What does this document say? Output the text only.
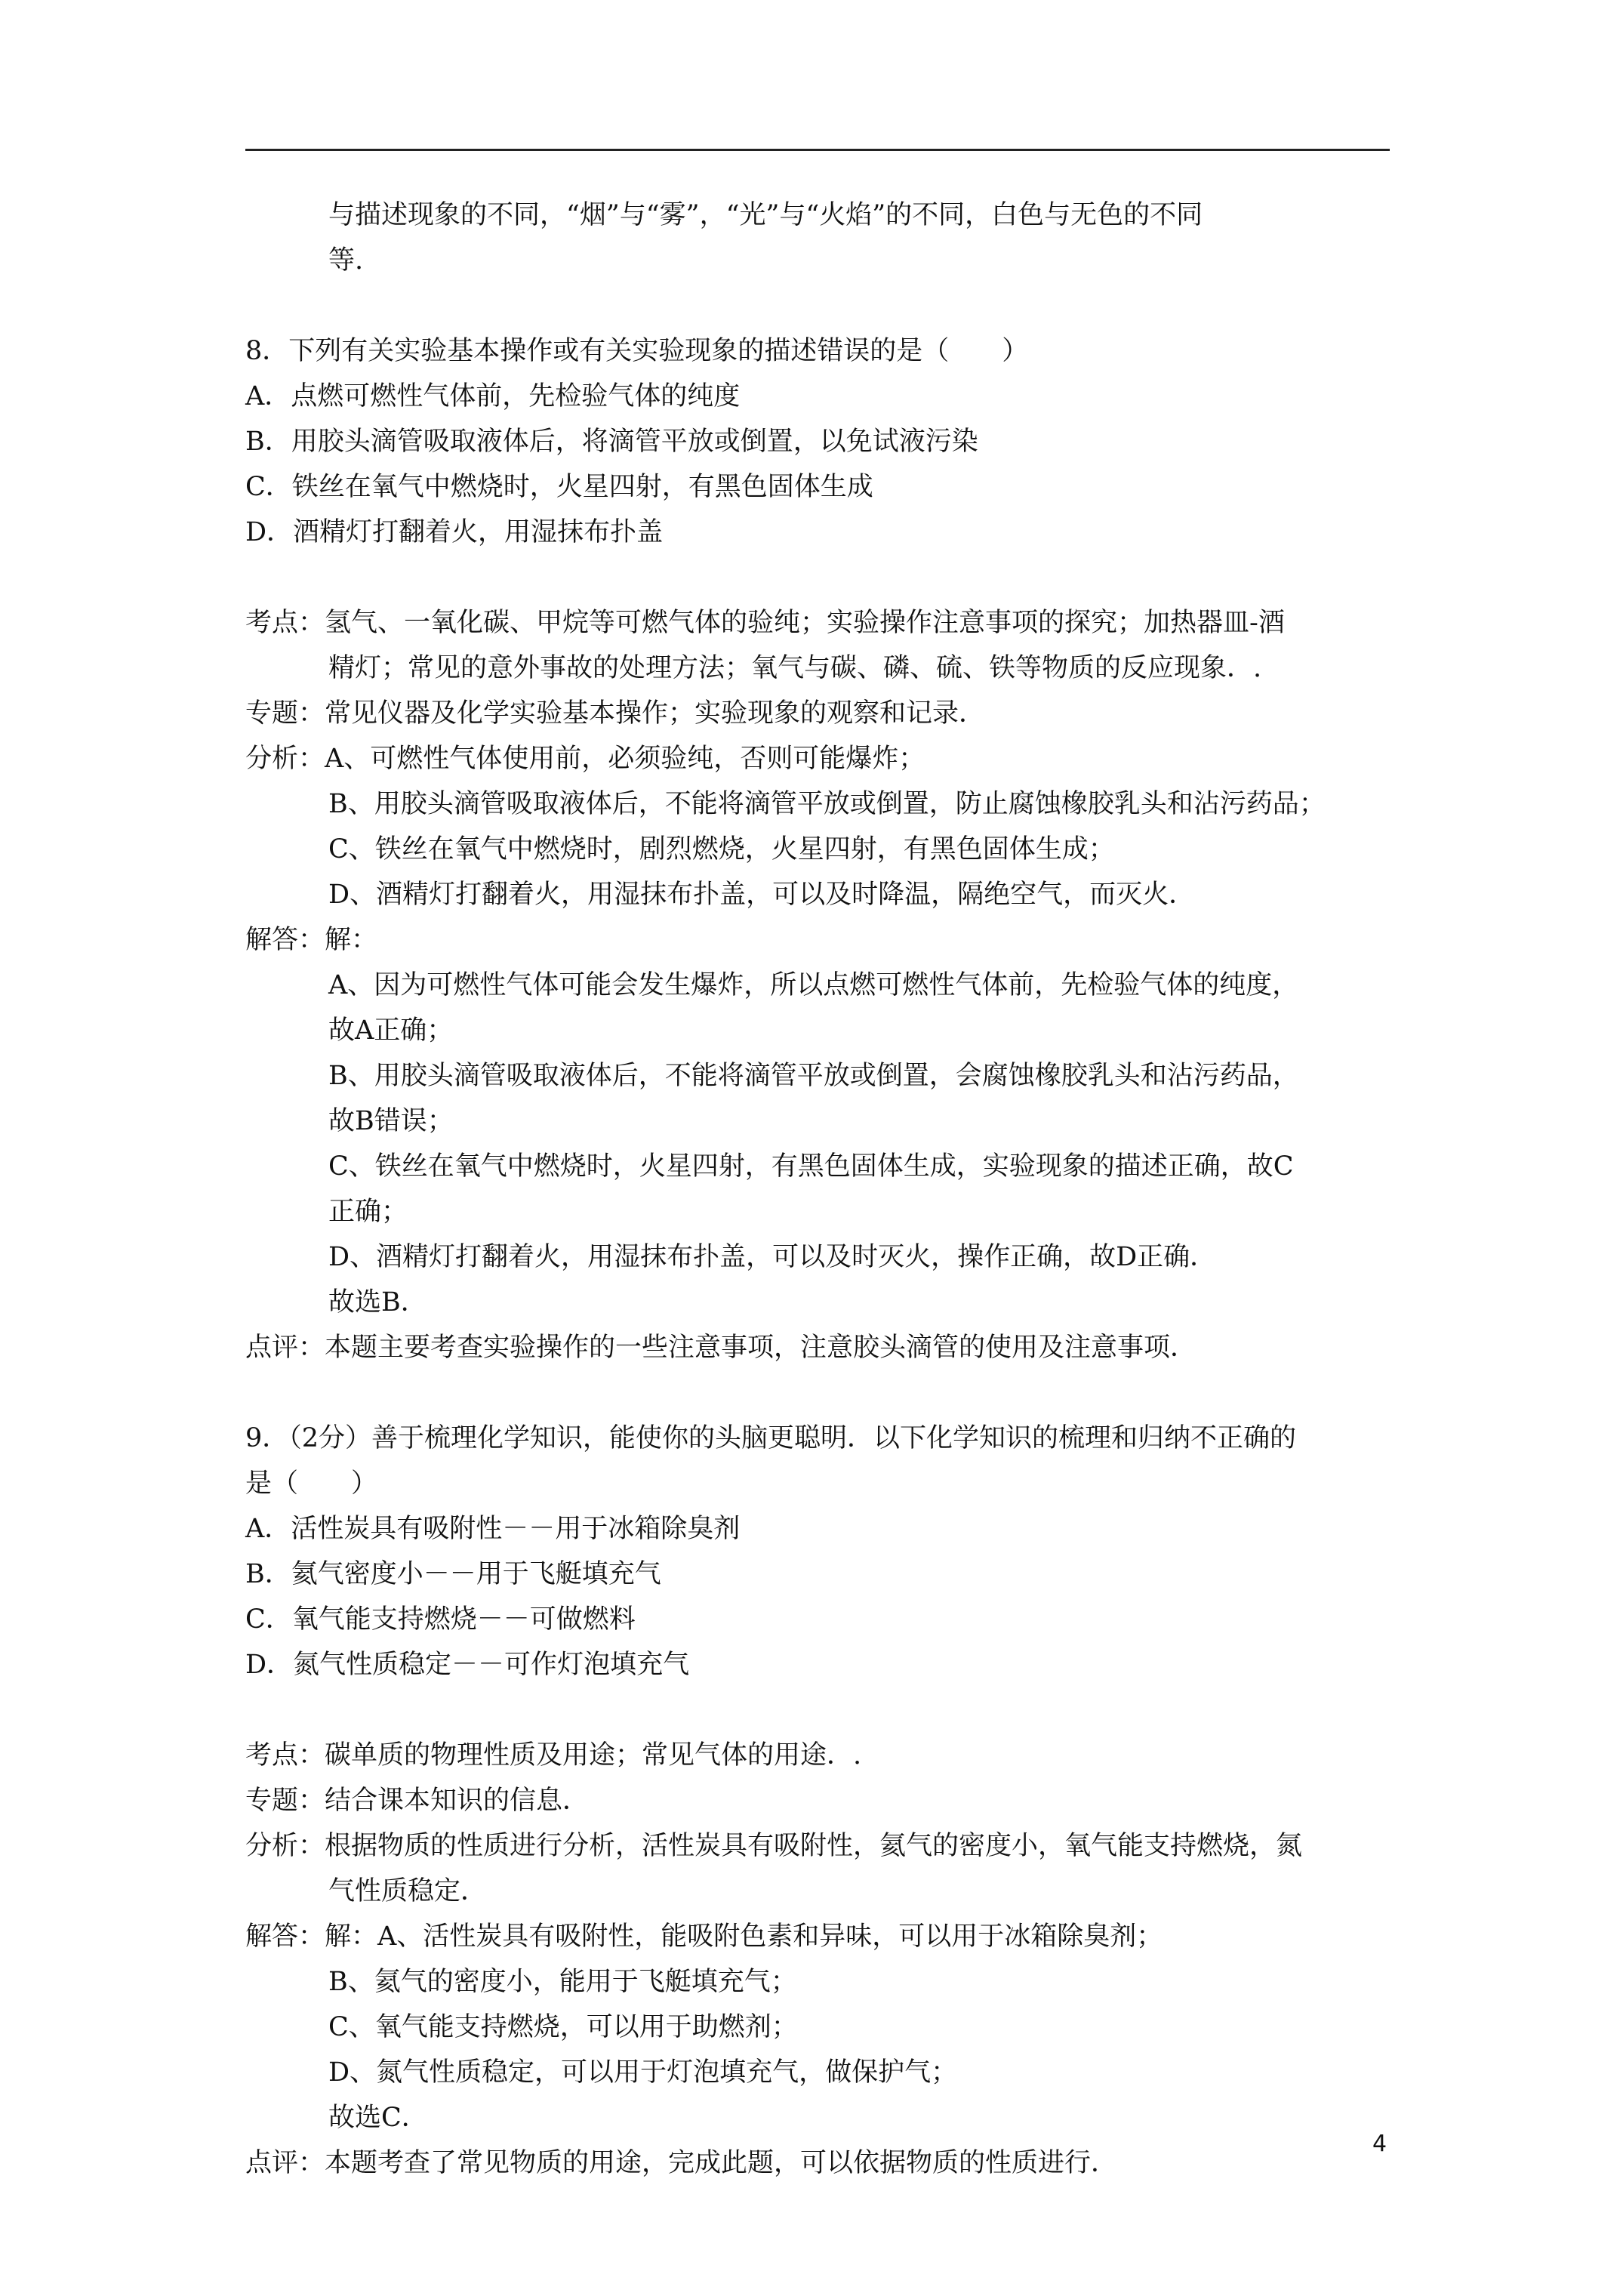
与描述现象的不同，“烟”与“雾”，“光”与“火焰”的不同，白色与无色的不同
等.
8．下列有关实验基本操作或有关实验现象的描述错误的是（　　）
A．点燃可燃性气体前，先检验气体的纯度
B．用胶头滴管吸取液体后，将滴管平放或倒置，以免试液污染
C．铁丝在氧气中燃烧时，火星四射，有黑色固体生成
D．酒精灯打翻着火，用湿抹布扑盖
考点：氢气、一氧化碳、甲烷等可燃气体的验纯；实验操作注意事项的探究；加热器皿-酒
精灯；常见的意外事故的处理方法；氧气与碳、磷、硫、铁等物质的反应现象．.
专题：常见仪器及化学实验基本操作；实验现象的观察和记录．
分析：A、可燃性气体使用前，必须验纯，否则可能爆炸；
B、用胶头滴管吸取液体后，不能将滴管平放或倒置，防止腐蚀橡胶乳头和沾污药品；
C、铁丝在氧气中燃烧时，剧烈燃烧，火星四射，有黑色固体生成；
D、酒精灯打翻着火，用湿抹布扑盖，可以及时降温，隔绝空气，而灭火．
解答：解：
A、因为可燃性气体可能会发生爆炸，所以点燃可燃性气体前，先检验气体的纯度，
故A正确；
B、用胶头滴管吸取液体后，不能将滴管平放或倒置，会腐蚀橡胶乳头和沾污药品，
故B错误；
C、铁丝在氧气中燃烧时，火星四射，有黑色固体生成，实验现象的描述正确，故C
正确；
D、酒精灯打翻着火，用湿抹布扑盖，可以及时灭火，操作正确，故D正确．
故选B．
点评：本题主要考查实验操作的一些注意事项，注意胶头滴管的使用及注意事项．
9．（2分）善于梳理化学知识，能使你的头脑更聪明．以下化学知识的梳理和归纳不正确的
是（　　）
A．活性炭具有吸附性－－用于冰箱除臭剂
B．氦气密度小－－用于飞艇填充气
C．氧气能支持燃烧－－可做燃料
D．氮气性质稳定－－可作灯泡填充气
考点：碳单质的物理性质及用途；常见气体的用途．.
专题：结合课本知识的信息．
分析：根据物质的性质进行分析，活性炭具有吸附性，氦气的密度小，氧气能支持燃烧，氮
气性质稳定．
解答：解：A、活性炭具有吸附性，能吸附色素和异味，可以用于冰箱除臭剂；
B、氦气的密度小，能用于飞艇填充气；
C、氧气能支持燃烧，可以用于助燃剂；
D、氮气性质稳定，可以用于灯泡填充气，做保护气；
故选C．
点评：本题考查了常见物质的用途，完成此题，可以依据物质的性质进行．
4
